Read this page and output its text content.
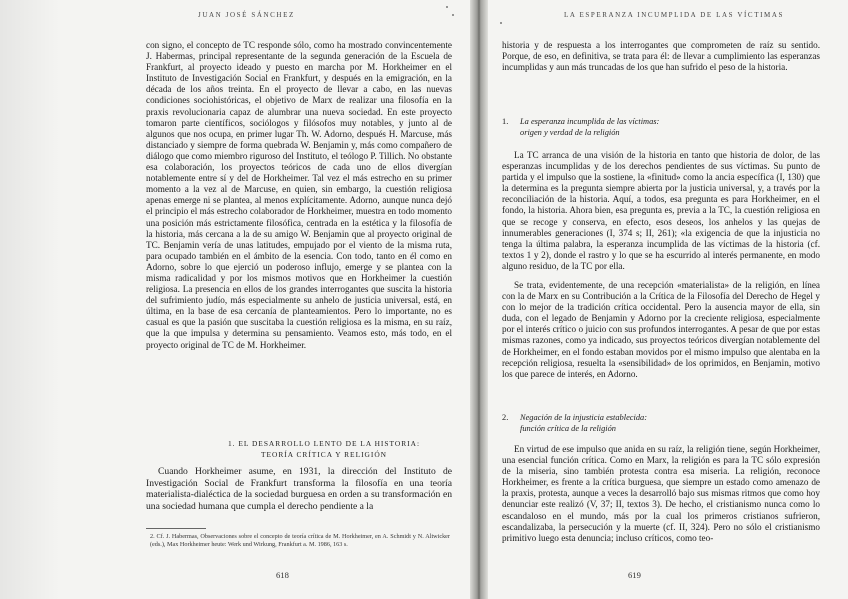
JUAN JOSÉ SÁNCHEZ
con signo, el concepto de TC responde sólo, como ha mostrado convincentemente J. Habermas, principal representante de la segunda generación de la Escuela de Frankfurt, al proyecto ideado y puesto en marcha por M. Horkheimer en el Instituto de Investigación Social en Frankfurt, y después en la emigración, en la década de los años treinta. En el proyecto de llevar a cabo, en las nuevas condiciones sociohistóricas, el objetivo de Marx de realizar una filosofía en la praxis revolucionaria capaz de alumbrar una nueva sociedad. En este proyecto tomaron parte científicos, sociólogos y filósofos muy notables, y junto al de algunos que nos ocupa, en primer lugar Th. W. Adorno, después H. Marcuse, más distanciado y siempre de forma quebrada W. Benjamin y, más como compañero de diálogo que como miembro riguroso del Instituto, el teólogo P. Tillich. No obstante esa colaboración, los proyectos teóricos de cada uno de ellos divergían notablemente entre sí y del de Horkheimer. Tal vez el más estrecho en su primer momento a la vez al de Marcuse, en quien, sin embargo, la cuestión religiosa apenas emerge ni se plantea, al menos explícitamente. Adorno, aunque nunca dejó el principio el más estrecho colaborador de Horkheimer, muestra en todo momento una posición más estrictamente filosófica, centrada en la estética y la filosofía de la historia, más cercana a la de su amigo W. Benjamin que al proyecto original de TC. Benjamin vería de unas latitudes, empujado por el viento de la misma ruta, para ocupado también en el ámbito de la esencia. Con todo, tanto en él como en Adorno, sobre lo que ejerció un poderoso influjo, emerge y se plantea con la misma radicalidad y por los mismos motivos que en Horkheimer la cuestión religiosa. La presencia en ellos de los grandes interrogantes que suscita la historia del sufrimiento judío, más especialmente su anhelo de justicia universal, está, en última, en la base de esa cercanía de planteamientos. Pero lo importante, no es casual es que la pasión que suscitaba la cuestión religiosa es la misma, en su raíz, que la que impulsa y determina su pensamiento. Veamos esto, más todo, en el proyecto original de TC de M. Horkheimer.
1. EL DESARROLLO LENTO DE LA HISTORIA: TEORÍA CRÍTICA Y RELIGIÓN
Cuando Horkheimer asume, en 1931, la dirección del Instituto de Investigación Social de Frankfurt transforma la filosofía en una teoría materialista-dialéctica de la sociedad burguesa en orden a su transformación en una sociedad humana que cumpla el derecho pendiente a la
2. Cf. J. Habermas, Observaciones sobre el concepto de teoría crítica de M. Horkheimer, en A. Schmidt y N. Altwicker (eds.), Max Horkheimer heute: Werk und Wirkung, Frankfurt a. M. 1986, 163 s.
618
LA ESPERANZA INCUMPLIDA DE LAS VÍCTIMAS
historia y de respuesta a los interrogantes que comprometen de raíz su sentido. Porque, de eso, en definitiva, se trata para él: de llevar a cumplimiento las esperanzas incumplidas y aun más truncadas de los que han sufrido el peso de la historia.
1. La esperanza incumplida de las víctimas:
origen y verdad de la religión
La TC arranca de una visión de la historia en tanto que historia de dolor, de las esperanzas incumplidas y de los derechos pendientes de sus víctimas. Su punto de partida y el impulso que la sostiene, la «finitud» como la ancia específica (I, 130) que la determina es la pregunta siempre abierta por la justicia universal, y, a través por la reconciliación de la historia. Aquí, a todos, esa pregunta es para Horkheimer, en el fondo, la historia. Ahora bien, esa pregunta es, previa a la TC, la cuestión religiosa en que se recoge y conserva, en efecto, esos deseos, los anhelos y las quejas de innumerables generaciones (I, 374 s; II, 261); «la exigencia de que la injusticia no tenga la última palabra, la esperanza incumplida de las víctimas de la historia (cf. textos 1 y 2), donde el rastro y lo que se ha escurrido al interés permanente, en modo alguno residuo, de la TC por ella.
Se trata, evidentemente, de una recepción «materialista» de la religión, en línea con la de Marx en su Contribución a la Crítica de la Filosofía del Derecho de Hegel y con lo mejor de la tradición crítica occidental. Pero la ausencia mayor de ella, sin duda, con el legado de Benjamin y Adorno por la creciente religiosa, especialmente por el interés crítico o juicio con sus profundos interrogantes. A pesar de que por estas mismas razones, como ya indicado, sus proyectos teóricos divergían notablemente del de Horkheimer, en el fondo estaban movidos por el mismo impulso que alentaba en la recepción religiosa, resuelta la «sensibilidad» de los oprimidos, en Benjamin, motivo los que parece de interés, en Adorno.
2. Negación de la injusticia establecida:
función crítica de la religión
En virtud de ese impulso que anida en su raíz, la religión tiene, según Horkheimer, una esencial función crítica. Como en Marx, la religión es para la TC sólo expresión de la miseria, sino también protesta contra esa miseria. La religión, reconoce Horkheimer, es frente a la crítica burguesa, que siempre un estado como amenazo de la praxis, protesta, aunque a veces la desarrolló bajo sus mismas ritmos que como hoy denunciar este realizó (V, 37; II, textos 3). De hecho, el cristianismo nunca como lo escandaloso en el mundo, más por la cual los primeros cristianos sufrieron, escandalizaba, la persecución y la muerte (cf. II, 324). Pero no sólo el cristianismo primitivo luego esta denuncia; incluso críticos, como teo-
619
